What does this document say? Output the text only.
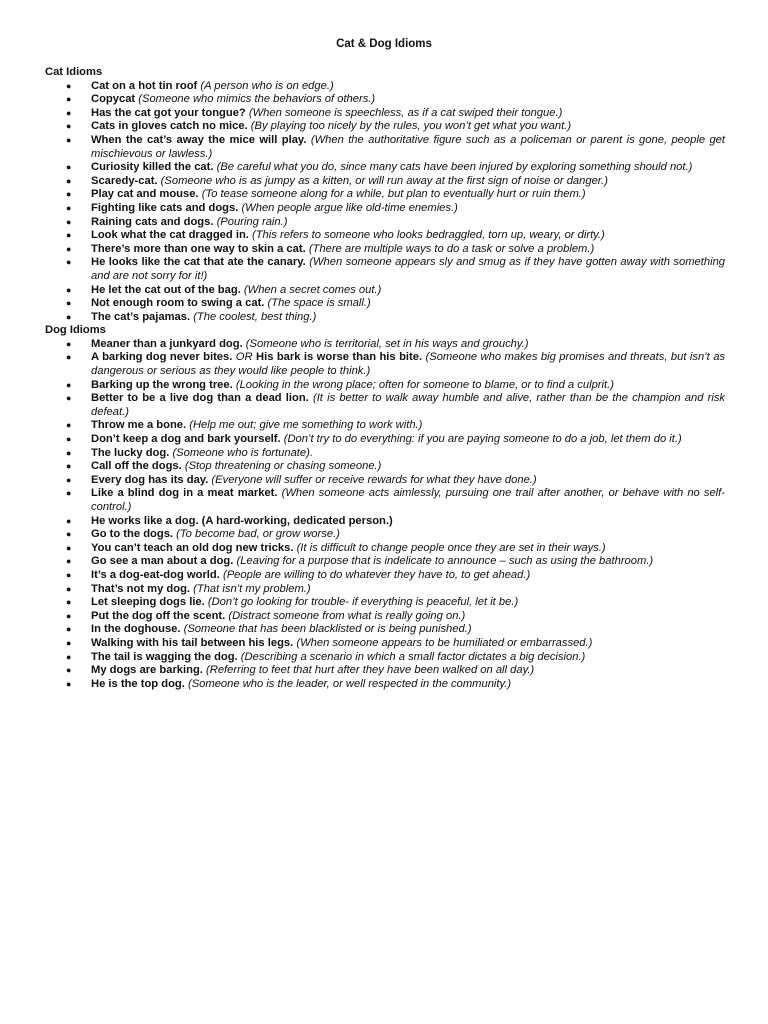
Cat & Dog Idioms
Cat Idioms
● Cat on a hot tin roof (A person who is on edge.)
● Copycat (Someone who mimics the behaviors of others.)
● Has the cat got your tongue? (When someone is speechless, as if a cat swiped their tongue.)
● Cats in gloves catch no mice. (By playing too nicely by the rules, you won’t get what you want.)
● When the cat’s away the mice will play. (When the authoritative figure such as a policeman or parent is gone, people get mischievous or lawless.)
● Curiosity killed the cat. (Be careful what you do, since many cats have been injured by exploring something should not.)
● Scaredy-cat. (Someone who is as jumpy as a kitten, or will run away at the first sign of noise or danger.)
● Play cat and mouse. (To tease someone along for a while, but plan to eventually hurt or ruin them.)
● Fighting like cats and dogs. (When people argue like old-time enemies.)
● Raining cats and dogs. (Pouring rain.)
● Look what the cat dragged in. (This refers to someone who looks bedraggled, torn up, weary, or dirty.)
● There’s more than one way to skin a cat. (There are multiple ways to do a task or solve a problem.)
● He looks like the cat that ate the canary. (When someone appears sly and smug as if they have gotten away with something and are not sorry for it!)
● He let the cat out of the bag. (When a secret comes out.)
● Not enough room to swing a cat. (The space is small.)
● The cat’s pajamas. (The coolest, best thing.)
Dog Idioms
● Meaner than a junkyard dog. (Someone who is territorial, set in his ways and grouchy.)
● A barking dog never bites. OR His bark is worse than his bite. (Someone who makes big promises and threats, but isn’t as dangerous or serious as they would like people to think.)
● Barking up the wrong tree. (Looking in the wrong place; often for someone to blame, or to find a culprit.)
● Better to be a live dog than a dead lion. (It is better to walk away humble and alive, rather than be the champion and risk defeat.)
● Throw me a bone. (Help me out; give me something to work with.)
● Don’t keep a dog and bark yourself. (Don’t try to do everything: if you are paying someone to do a job, let them do it.)
● The lucky dog. (Someone who is fortunate).
● Call off the dogs. (Stop threatening or chasing someone.)
● Every dog has its day. (Everyone will suffer or receive rewards for what they have done.)
● Like a blind dog in a meat market. (When someone acts aimlessly, pursuing one trail after another, or behave with no self-control.)
● He works like a dog. (A hard-working, dedicated person.)
● Go to the dogs. (To become bad, or grow worse.)
● You can’t teach an old dog new tricks. (It is difficult to change people once they are set in their ways.)
● Go see a man about a dog. (Leaving for a purpose that is indelicate to announce – such as using the bathroom.)
● It’s a dog-eat-dog world. (People are willing to do whatever they have to, to get ahead.)
● That’s not my dog. (That isn’t my problem.)
● Let sleeping dogs lie. (Don’t go looking for trouble- if everything is peaceful, let it be.)
● Put the dog off the scent. (Distract someone from what is really going on.)
● In the doghouse. (Someone that has been blacklisted or is being punished.)
● Walking with his tail between his legs. (When someone appears to be humiliated or embarrassed.)
● The tail is wagging the dog. (Describing a scenario in which a small factor dictates a big decision.)
● My dogs are barking. (Referring to feet that hurt after they have been walked on all day.)
● He is the top dog. (Someone who is the leader, or well respected in the community.)
